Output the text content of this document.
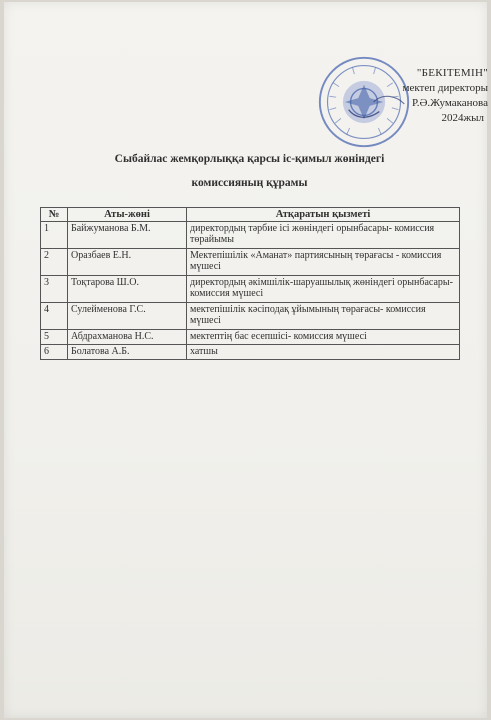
"БЕКІТЕМІН"
мектеп директоры
Р.Ә.Жумаканова
2024жыл
Сыбайлас жемқорлыққа қарсы іс-қимыл жөніндегі
комиссияның құрамы
№	Аты-жөні	Атқаратын қызметі
1	Байжуманова Б.М.	директордың тәрбие ісі жөніндегі орынбасары- комиссия төрайымы
2	Оразбаев Е.Н.	Мектепішілік «Аманат» партиясының төрағасы - комиссия мүшесі
3	Тоқтарова Ш.О.	директордың әкімшілік-шаруашылық жөніндегі орынбасары- комиссия мүшесі
4	Сулейменова Г.С.	мектепішілік кәсіподақ ұйымының төрағасы- комиссия мүшесі
5	Абдрахманова Н.С.	мектептің бас есепшісі- комиссия мүшесі
6	Болатова А.Б.	хатшы
